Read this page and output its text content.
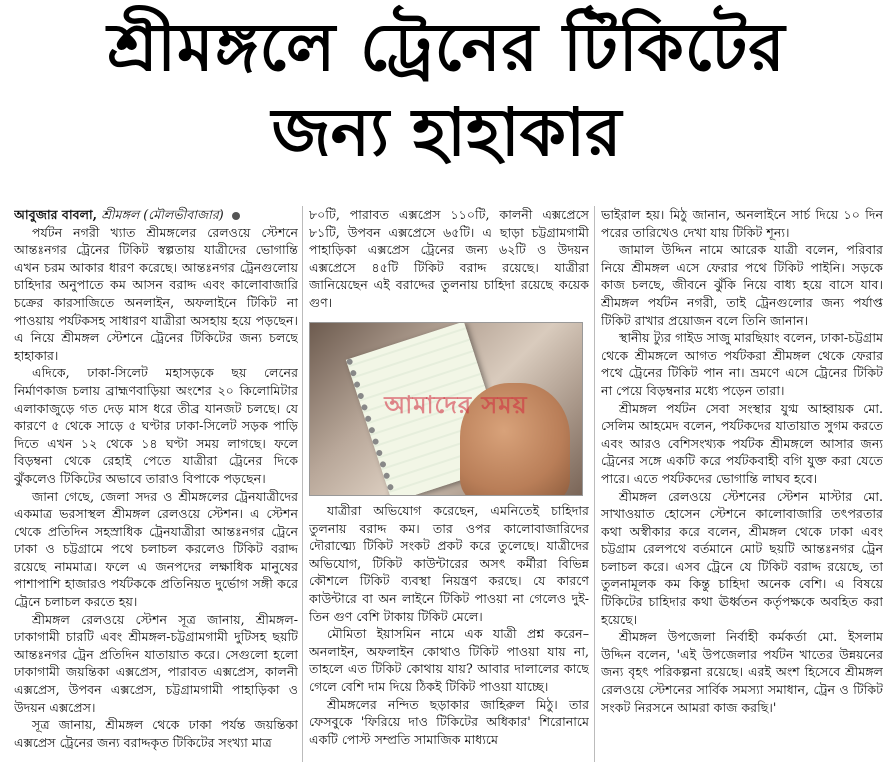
শ্রীমঙ্গলে ট্রেনের টিকিটের
জন্য হাহাকার

আবুজার বাবলা, শ্রীমঙ্গল (মৌলভীবাজার)

পর্যটন নগরী খ্যাত শ্রীমঙ্গলের রেলওয়ে স্টেশনে আন্তঃনগর ট্রেনের টিকিট স্বল্পতায় যাত্রীদের ভোগান্তি এখন চরম আকার ধারণ করেছে। আন্তঃনগর ট্রেনগুলোয় চাহিদার অনুপাতে কম আসন বরাদ্দ এবং কালোবাজারি চক্রের কারসাজিতে অনলাইন, অফলাইনে টিকিট না পাওয়ায় পর্যটকসহ সাধারণ যাত্রীরা অসহায় হয়ে পড়ছেন। এ নিয়ে শ্রীমঙ্গল স্টেশনে ট্রেনের টিকিটের জন্য চলছে হাহাকার।

এদিকে, ঢাকা-সিলেট মহাসড়কে ছয় লেনের নির্মাণকাজ চলায় ব্রাহ্মণবাড়িয়া অংশের ২০ কিলোমিটার এলাকাজুড়ে গত দেড় মাস ধরে তীব্র যানজট চলছে। যে কারণে ৫ থেকে সাড়ে ৫ ঘণ্টার ঢাকা-সিলেট সড়ক পাড়ি দিতে এখন ১২ থেকে ১৪ ঘণ্টা সময় লাগছে। ফলে বিড়ম্বনা থেকে রেহাই পেতে যাত্রীরা ট্রেনের দিকে ঝুঁকলেও টিকিটের অভাবে তারাও বিপাকে পড়ছেন।

জানা গেছে, জেলা সদর ও শ্রীমঙ্গলের ট্রেনযাত্রীদের একমাত্র ভরসাস্থল শ্রীমঙ্গল রেলওয়ে স্টেশন। এ স্টেশন থেকে প্রতিদিন সহস্রাধিক ট্রেনযাত্রীরা আন্তঃনগর ট্রেনে ঢাকা ও চট্টগ্রামে পথে চলাচল করলেও টিকিট বরাদ্দ রয়েছে নামমাত্র। ফলে এ জনপদের লক্ষাধিক মানুষের পাশাপাশি হাজারও পর্যটককে প্রতিনিয়ত দুর্ভোগ সঙ্গী করে ট্রেনে চলাচল করতে হয়।

শ্রীমঙ্গল রেলওয়ে স্টেশন সূত্র জানায়, শ্রীমঙ্গল-ঢাকাগামী চারটি এবং শ্রীমঙ্গল-চট্টগ্রামগামী দুটিসহ ছয়টি আন্তঃনগর ট্রেন প্রতিদিন যাতায়াত করে। সেগুলো হলো ঢাকাগামী জয়ন্তিকা এক্সপ্রেস, পারাবত এক্সপ্রেস, কালনী এক্সপ্রেস, উপবন এক্সপ্রেস, চট্টগ্রামগামী পাহাড়িকা ও উদয়ন এক্সপ্রেস।

সূত্র জানায়, শ্রীমঙ্গল থেকে ঢাকা পর্যন্ত জয়ন্তিকা এক্সপ্রেস ট্রেনের জন্য বরাদ্দকৃত টিকিটের সংখ্যা মাত্র

৮০টি, পারাবত এক্সপ্রেস ১১০টি, কালনী এক্সপ্রেসে ৮১টি, উপবন এক্সপ্রেসে ৬৫টি। এ ছাড়া চট্টগ্রামগামী পাহাড়িকা এক্সপ্রেস ট্রেনের জন্য ৬২টি ও উদয়ন এক্সপ্রেসে ৪৫টি টিকিট বরাদ্দ রয়েছে। যাত্রীরা জানিয়েছেন এই বরাদ্দের তুলনায় চাহিদা রয়েছে কয়েক গুণ।

আমাদের সময়

যাত্রীরা অভিযোগ করেছেন, এমনিতেই চাহিদার তুলনায় বরাদ্দ কম। তার ওপর কালোবাজারিদের দৌরাত্ম্যে টিকিট সংকট প্রকট করে তুলেছে। যাত্রীদের অভিযোগ, টিকিট কাউন্টারের অসৎ কর্মীরা বিভিন্ন কৌশলে টিকিট ব্যবস্থা নিয়ন্ত্রণ করছে। যে কারণে কাউন্টারে বা অন লাইনে টিকিট পাওয়া না গেলেও দুই-তিন গুণ বেশি টাকায় টিকিট মেলে।

মৌমিতা ইয়াসমিন নামে এক যাত্রী প্রশ্ন করেন– অনলাইন, অফলাইন কোথাও টিকিট পাওয়া যায় না, তাহলে এত টিকিট কোথায় যায়? আবার দালালের কাছে গেলে বেশি দাম দিয়ে ঠিকই টিকিট পাওয়া যাচ্ছে।

শ্রীমঙ্গলের নন্দিত ছড়াকার জাহিরুল মিঠু। তার ফেসবুকে 'ফিরিয়ে দাও টিকিটের অধিকার' শিরোনামে একটি পোস্ট সম্প্রতি সামাজিক মাধ্যমে

ভাইরাল হয়। মিঠু জানান, অনলাইনে সার্চ দিয়ে ১০ দিন পরের তারিখেও দেখা যায় টিকিট শূন্য।

জামাল উদ্দিন নামে আরেক যাত্রী বলেন, পরিবার নিয়ে শ্রীমঙ্গল এসে ফেরার পথে টিকিট পাইনি। সড়কে কাজ চলছে, জীবনে ঝুঁকি নিয়ে বাধ্য হয়ে বাসে যাব। শ্রীমঙ্গল পর্যটন নগরী, তাই ট্রেনগুলোর জন্য পর্যাপ্ত টিকিট রাখার প্রয়োজন বলে তিনি জানান।

স্থানীয় ট্যুর গাইড সাজু মারছিয়াং বলেন, ঢাকা-চট্টগ্রাম থেকে শ্রীমঙ্গলে আগত পর্যটকরা শ্রীমঙ্গল থেকে ফেরার পথে ট্রেনের টিকিট পান না। ভ্রমণে এসে ট্রেনের টিকিট না পেয়ে বিড়ম্বনার মধ্যে পড়েন তারা।

শ্রীমঙ্গল পর্যটন সেবা সংস্থার যুগ্ম আহ্বায়ক মো. সেলিম আহমেদ বলেন, পর্যটকদের যাতায়াত সুগম করতে এবং আরও বেশিসংখ্যক পর্যটক শ্রীমঙ্গলে আসার জন্য ট্রেনের সঙ্গে একটি করে পর্যটকবাহী বগি যুক্ত করা যেতে পারে। এতে পর্যটকদের ভোগান্তি লাঘব হবে।

শ্রীমঙ্গল রেলওয়ে স্টেশনের স্টেশন মাস্টার মো. সাখাওয়াত হোসেন স্টেশনে কালোবাজারি তৎপরতার কথা অস্বীকার করে বলেন, শ্রীমঙ্গল থেকে ঢাকা এবং চট্টগ্রাম রেলপথে বর্তমানে মোট ছয়টি আন্তঃনগর ট্রেন চলাচল করে। এসব ট্রেনে যে টিকিট বরাদ্দ রয়েছে, তা তুলনামূলক কম কিন্তু চাহিদা অনেক বেশি। এ বিষয়ে টিকিটের চাহিদার কথা ঊর্ধ্বতন কর্তৃপক্ষকে অবহিত করা হয়েছে।

শ্রীমঙ্গল উপজেলা নির্বাহী কর্মকর্তা মো. ইসলাম উদ্দিন বলেন, 'এই উপজেলার পর্যটন খাতের উন্নয়নের জন্য বৃহৎ পরিকল্পনা রয়েছে। এরই অংশ হিসেবে শ্রীমঙ্গল রেলওয়ে স্টেশনের সার্বিক সমস্যা সমাধান, ট্রেন ও টিকিট সংকট নিরসনে আমরা কাজ করছি।'
